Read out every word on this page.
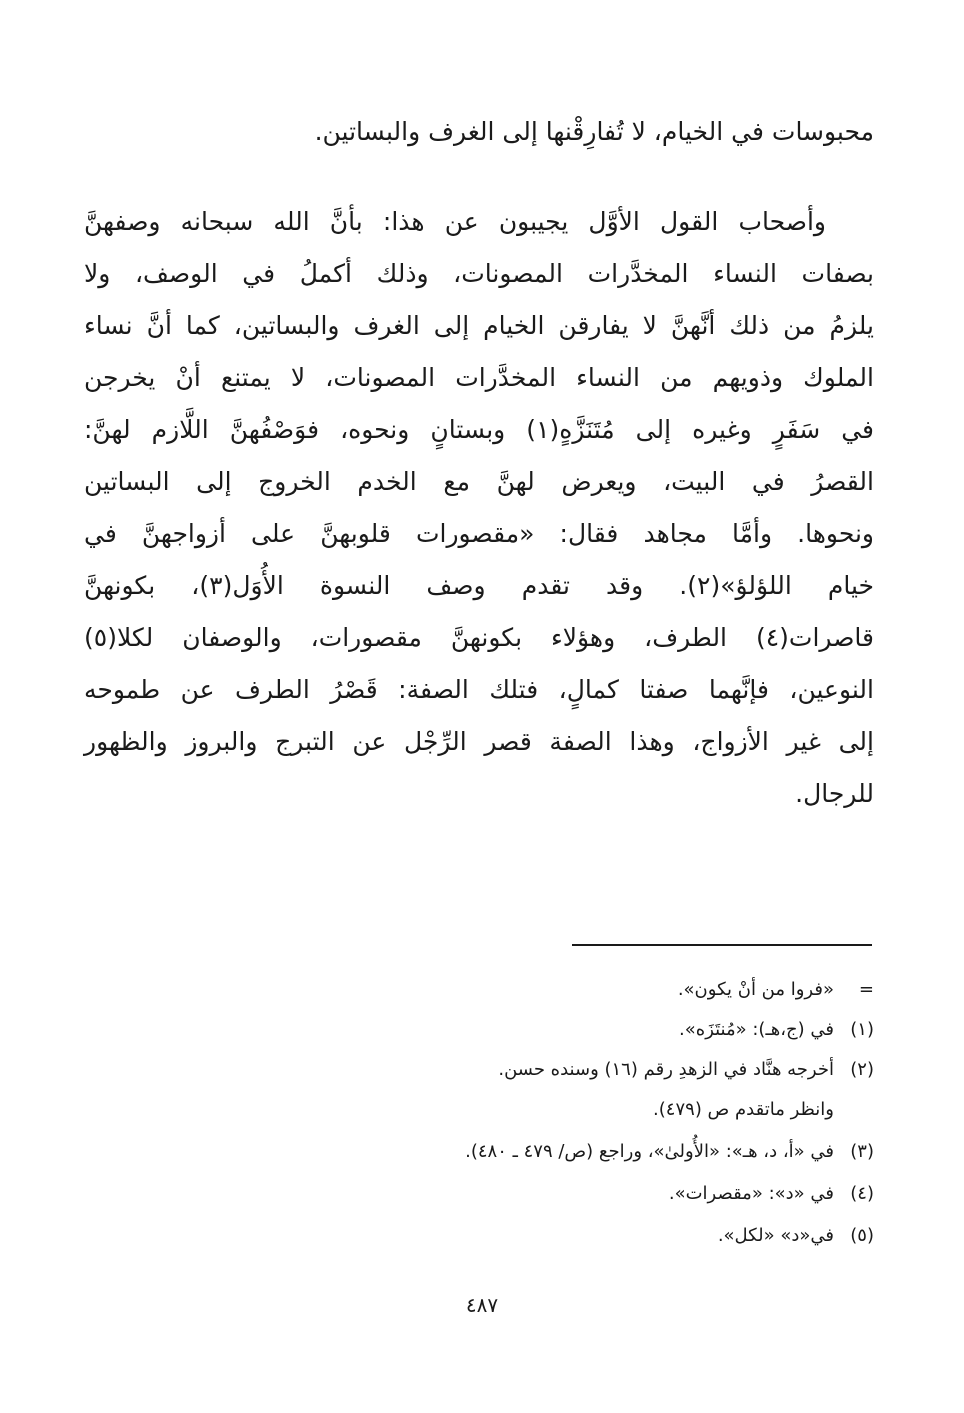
محبوسات في الخيام، لا تُفارِقْنها إلى الغرف والبساتين.
وأصحاب القول الأوَّل يجيبون عن هذا: بأنَّ الله سبحانه وصفهنَّ
بصفات النساء المخدَّرات المصونات، وذلك أكملُ في الوصف، ولا
يلزمُ من ذلك أنَّهنَّ لا يفارقن الخيام إلى الغرف والبساتين، كما أنَّ نساء
الملوك وذويهم من النساء المخدَّرات المصونات، لا يمتنع أنْ يخرجن
في سَفَرٍ وغيره إلى مُتَنَزَّهٍ(١) وبستانٍ ونحوه، فوَصْفُهنَّ اللَّازم لهنَّ:
القصرُ في البيت، ويعرض لهنَّ مع الخدم الخروج إلى البساتين
ونحوها. وأمَّا مجاهد فقال: «مقصورات قلوبهنَّ على أزواجهنَّ في
خيام اللؤلؤ»(٢). وقد تقدم وصف النسوة الأُوَل(٣)، بكونهنَّ
قاصرات(٤) الطرف، وهؤلاء بكونهنَّ مقصورات، والوصفان لكلا(٥)
النوعين، فإنَّهما صفتا كمالٍ، فتلك الصفة: قَصْرُ الطرف عن طموحه
إلى غير الأزواج، وهذا الصفة قصر الرِّجْل عن التبرج والبروز والظهور
للرجال.
=
«فروا من أنْ يكون».
(١)
في (ج،هـ): «مُنتَزَه».
(٢)
أخرجه هنَّاد في الزهدِ رقم (١٦) وسنده حسن.
وانظر ماتقدم ص (٤٧٩).
(٣)
في «أ، د، هـ»: «الأُولىٰ»، وراجع (ص/ ٤٧٩ ـ ٤٨٠).
(٤)
في «د»: «مقصرات».
(٥)
في«د» «لكل».
٤٨٧
